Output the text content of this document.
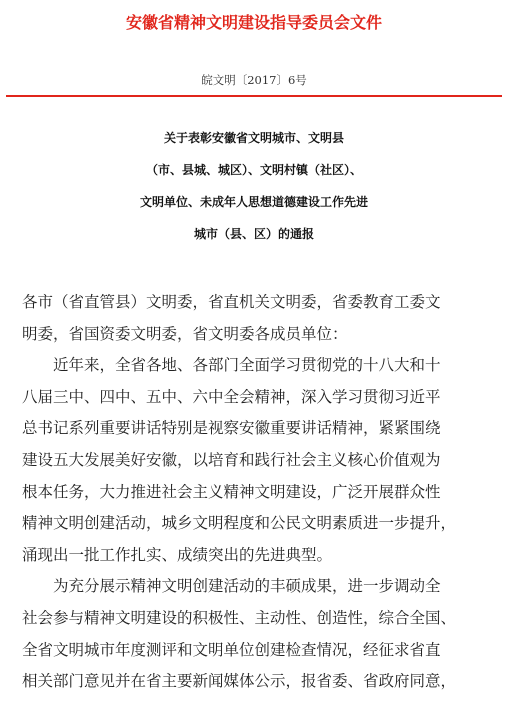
安徽省精神文明建设指导委员会文件
皖文明〔2017〕6号
关于表彰安徽省文明城市、文明县
（市、县城、城区）、文明村镇（社区）、
文明单位、未成年人思想道德建设工作先进
城市（县、区）的通报
各市（省直管县）文明委，省直机关文明委，省委教育工委文
明委，省国资委文明委，省文明委各成员单位：
近年来，全省各地、各部门全面学习贯彻党的十八大和十
八届三中、四中、五中、六中全会精神，深入学习贯彻习近平
总书记系列重要讲话特别是视察安徽重要讲话精神，紧紧围绕
建设五大发展美好安徽，以培育和践行社会主义核心价值观为
根本任务，大力推进社会主义精神文明建设，广泛开展群众性
精神文明创建活动，城乡文明程度和公民文明素质进一步提升，
涌现出一批工作扎实、成绩突出的先进典型。
为充分展示精神文明创建活动的丰硕成果，进一步调动全
社会参与精神文明建设的积极性、主动性、创造性，综合全国、
全省文明城市年度测评和文明单位创建检查情况，经征求省直
相关部门意见并在省主要新闻媒体公示，报省委、省政府同意，
